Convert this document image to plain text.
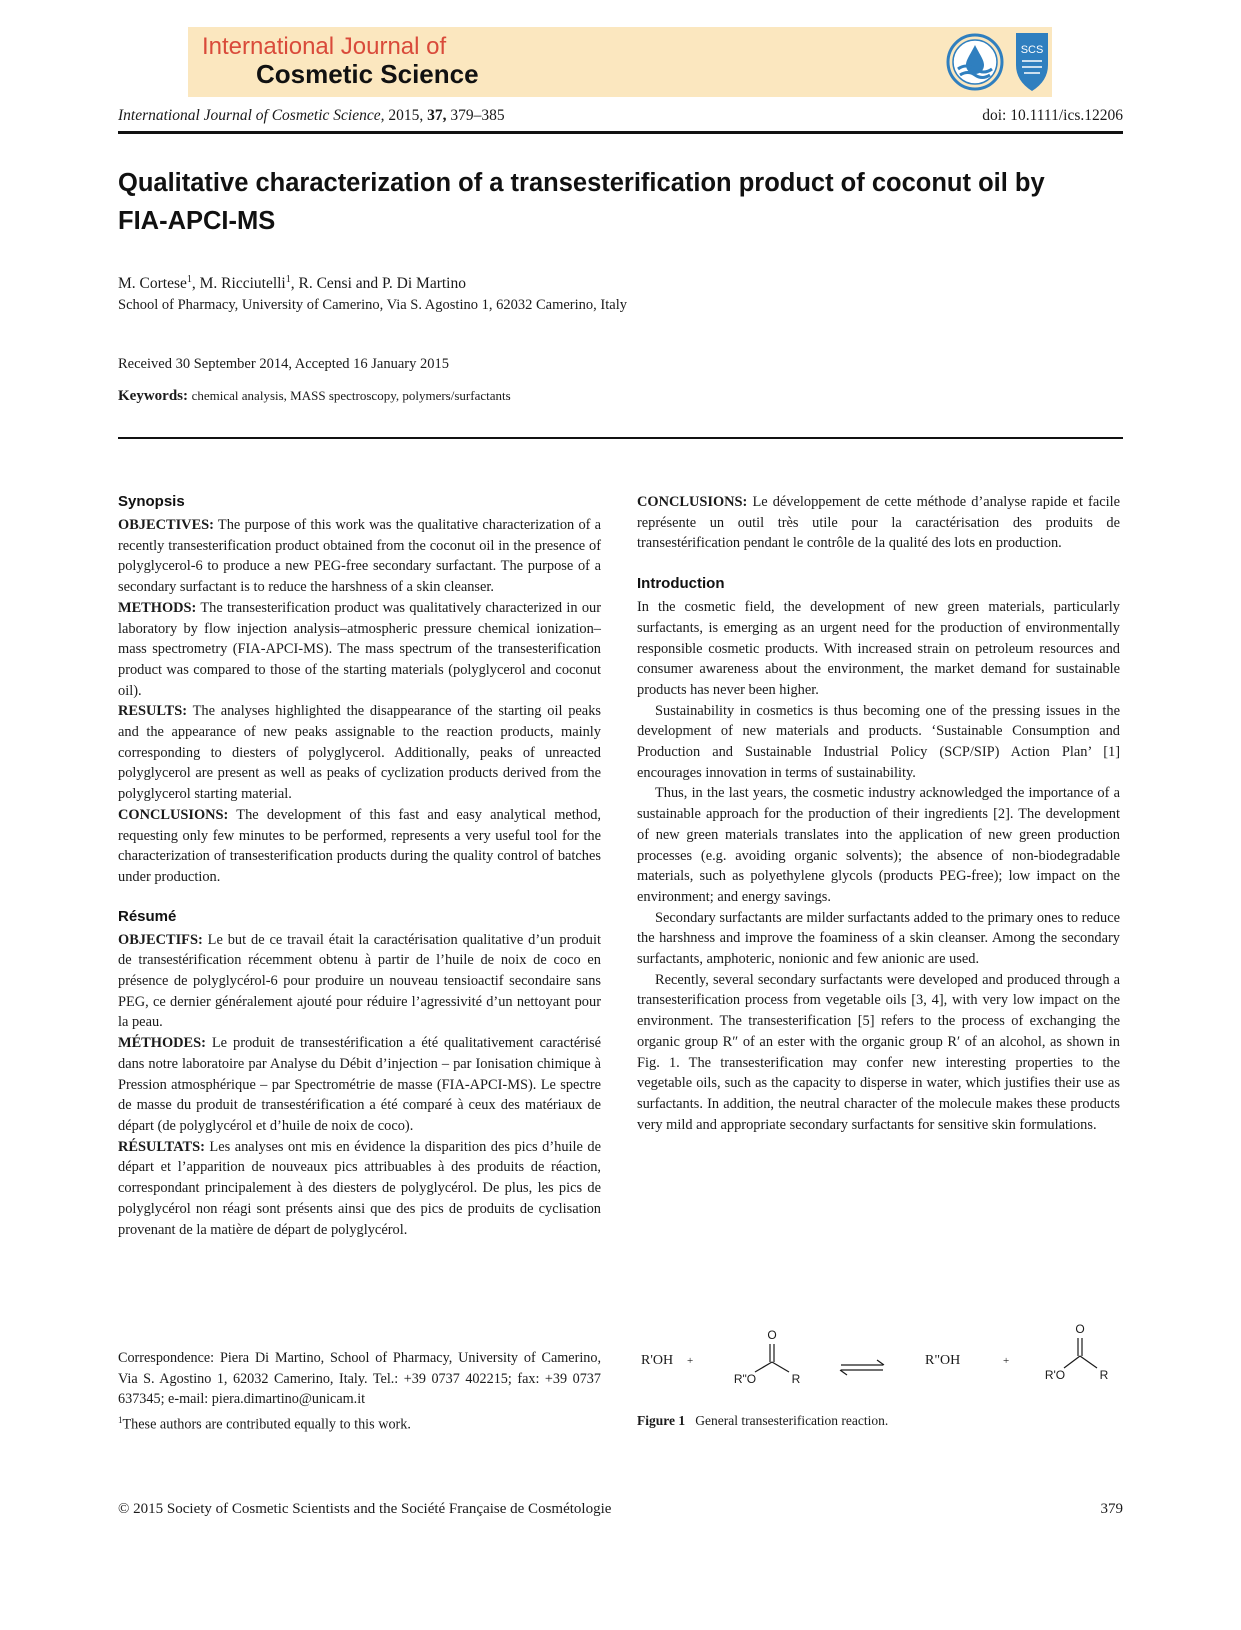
International Journal of
Cosmetic Science
SCS
International Journal of Cosmetic Science, 2015, 37, 379–385	doi: 10.1111/ics.12206
Qualitative characterization of a transesterification product of coconut oil by FIA-APCI-MS
M. Cortese$^1$, M. Ricciutelli$^1$, R. Censi and P. Di Martino
School of Pharmacy, University of Camerino, Via S. Agostino 1, 62032 Camerino, Italy
Received 30 September 2014, Accepted 16 January 2015
Keywords: chemical analysis, MASS spectroscopy, polymers/surfactants
Synopsis

OBJECTIVES: The purpose of this work was the qualitative characterization of a recently transesterification product obtained from the coconut oil in the presence of polyglycerol-6 to produce a new PEG-free secondary surfactant. The purpose of a secondary surfactant is to reduce the harshness of a skin cleanser.

METHODS: The transesterification product was qualitatively characterized in our laboratory by flow injection analysis–atmospheric pressure chemical ionization–mass spectrometry (FIA-APCI-MS). The mass spectrum of the transesterification product was compared to those of the starting materials (polyglycerol and coconut oil).

RESULTS: The analyses highlighted the disappearance of the starting oil peaks and the appearance of new peaks assignable to the reaction products, mainly corresponding to diesters of polyglycerol. Additionally, peaks of unreacted polyglycerol are present as well as peaks of cyclization products derived from the polyglycerol starting material.

CONCLUSIONS: The development of this fast and easy analytical method, requesting only few minutes to be performed, represents a very useful tool for the characterization of transesterification products during the quality control of batches under production.

Résumé

OBJECTIFS: Le but de ce travail était la caractérisation qualitative d’un produit de transestérification récemment obtenu à partir de l’huile de noix de coco en présence de polyglycérol-6 pour produire un nouveau tensioactif secondaire sans PEG, ce dernier généralement ajouté pour réduire l’agressivité d’un nettoyant pour la peau.

MÉTHODES: Le produit de transestérification a été qualitativement caractérisé dans notre laboratoire par Analyse du Débit d’injection – par Ionisation chimique à Pression atmosphérique – par Spectrométrie de masse (FIA-APCI-MS). Le spectre de masse du produit de transestérification a été comparé à ceux des matériaux de départ (de polyglycérol et d’huile de noix de coco).

RÉSULTATS: Les analyses ont mis en évidence la disparition des pics d’huile de départ et l’apparition de nouveaux pics attribuables à des produits de réaction, correspondant principalement à des diesters de polyglycérol. De plus, les pics de polyglycérol non réagi sont présents ainsi que des pics de produits de cyclisation provenant de la matière de départ de polyglycérol.

Correspondence: Piera Di Martino, School of Pharmacy, University of Camerino, Via S. Agostino 1, 62032 Camerino, Italy. Tel.: +39 0737 402215; fax: +39 0737 637345; e-mail: piera.dimartino@unicam.it

$^1$These authors are contributed equally to this work.

CONCLUSIONS: Le développement de cette méthode d’analyse rapide et facile représente un outil très utile pour la caractérisation des produits de transestérification pendant le contrôle de la qualité des lots en production.

Introduction

In the cosmetic field, the development of new green materials, particularly surfactants, is emerging as an urgent need for the production of environmentally responsible cosmetic products. With increased strain on petroleum resources and consumer awareness about the environment, the market demand for sustainable products has never been higher.

Sustainability in cosmetics is thus becoming one of the pressing issues in the development of new materials and products. ‘Sustainable Consumption and Production and Sustainable Industrial Policy (SCP/SIP) Action Plan’ [1] encourages innovation in terms of sustainability.

Thus, in the last years, the cosmetic industry acknowledged the importance of a sustainable approach for the production of their ingredients [2]. The development of new green materials translates into the application of new green production processes (e.g. avoiding organic solvents); the absence of non-biodegradable materials, such as polyethylene glycols (products PEG-free); low impact on the environment; and energy savings.

Secondary surfactants are milder surfactants added to the primary ones to reduce the harshness and improve the foaminess of a skin cleanser. Among the secondary surfactants, amphoteric, nonionic and few anionic are used.

Recently, several secondary surfactants were developed and produced through a transesterification process from vegetable oils [3, 4], with very low impact on the environment. The transesterification [5] refers to the process of exchanging the organic group R″ of an ester with the organic group R′ of an alcohol, as shown in Fig. 1. The transesterification may confer new interesting properties to the vegetable oils, such as the capacity to disperse in water, which justifies their use as surfactants. In addition, the neutral character of the molecule makes these products very mild and appropriate secondary surfactants for sensitive skin formulations.

R'OH +
O
R"O	R
R"OH	+
O
R'O	R
Figure 1 General transesterification reaction.
© 2015 Society of Cosmetic Scientists and the Société Française de Cosmétologie	379
